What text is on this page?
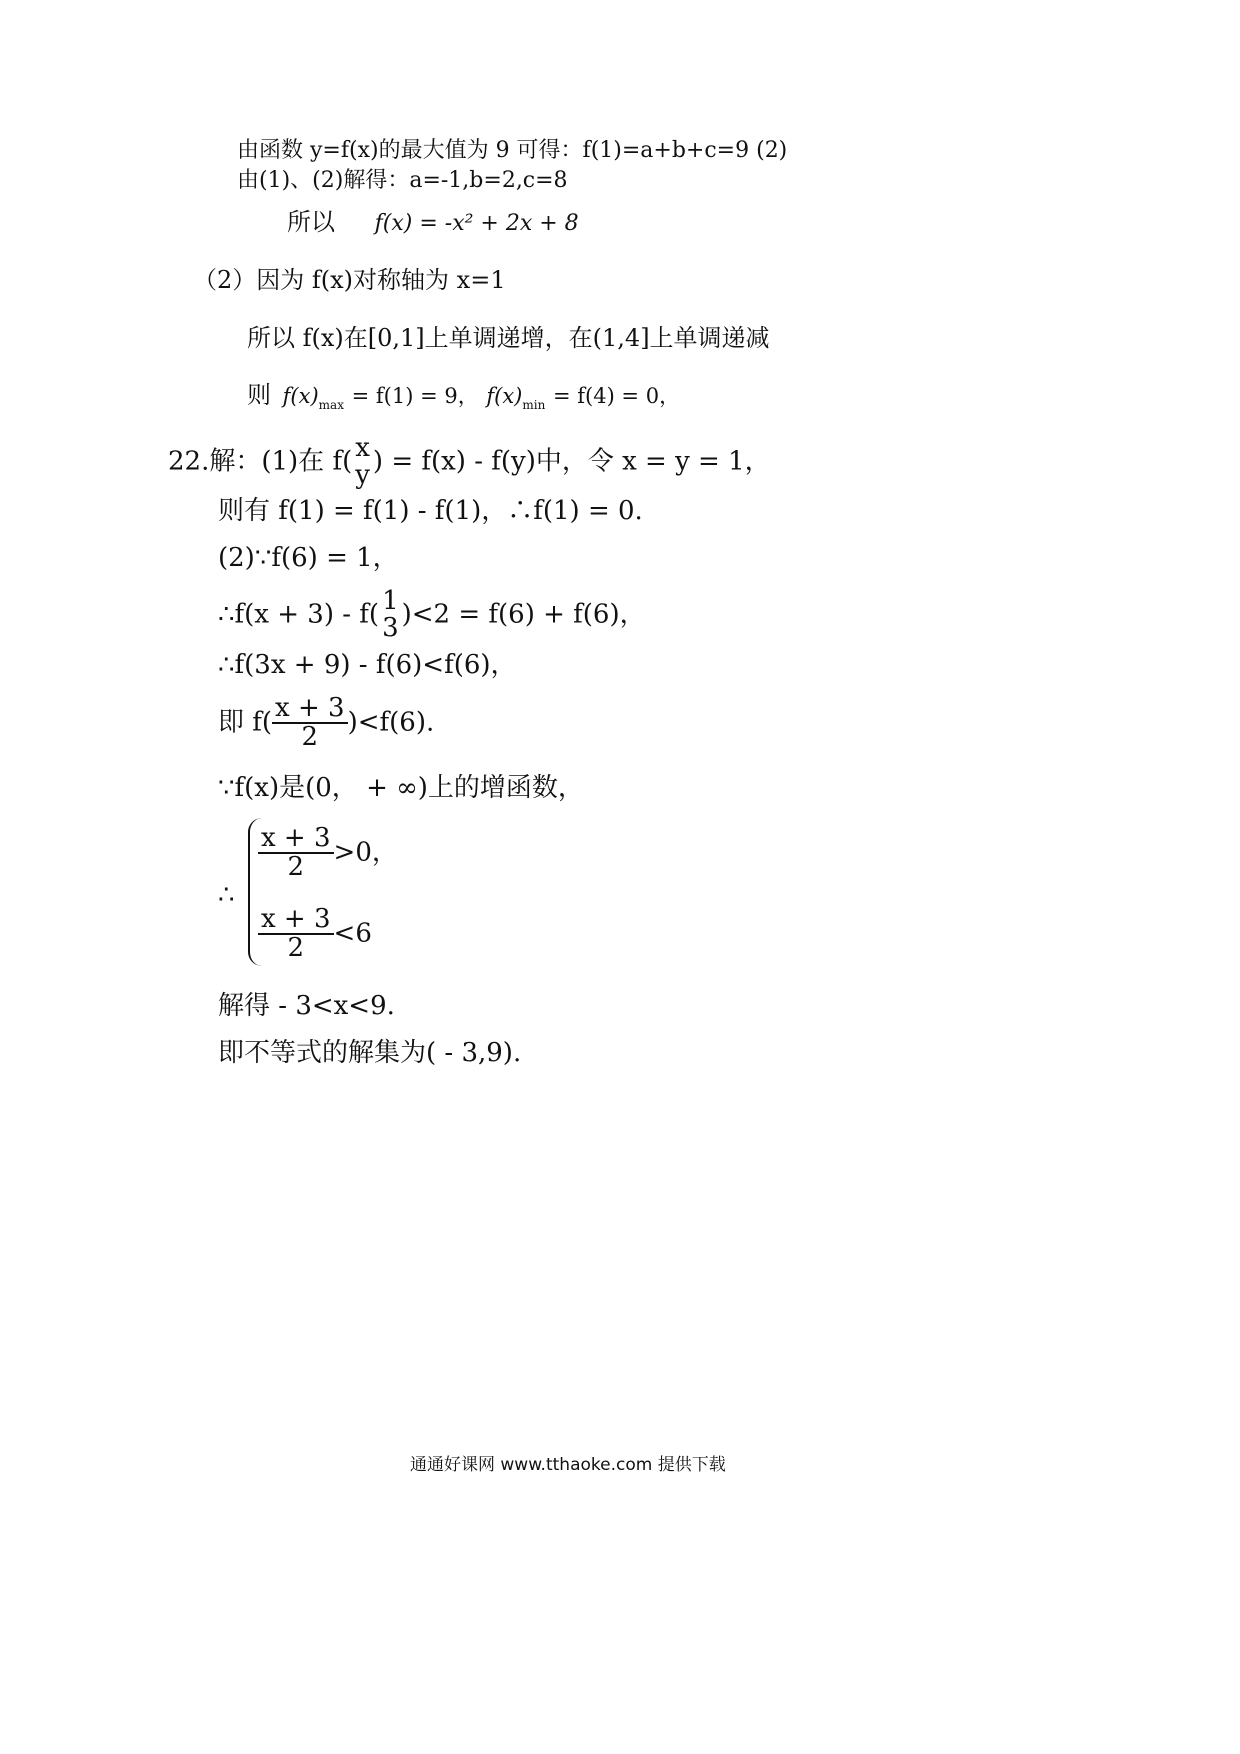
由函数 y=f(x)的最大值为 9 可得：f(1)=a+b+c=9 (2)
由(1)、(2)解得：a=-1,b=2,c=8
所以 f(x) = -x² + 2x + 8
（2）因为 f(x)对称轴为 x=1
所以 f(x)在[0,1]上单调递增，在(1,4]上单调递减
则 $f(x)_{max} = f(1) = 9$， $f(x)_{min} = f(4) = 0$，
22.解：(1)在 f( x
y ) = f(x) - f(y)中，令 x = y = 1，
则有 f(1) = f(1) - f(1)，∴f(1) = 0.
(2)∵f(6) = 1，
∴f(x + 3) - f( 1
3 )<2 = f(6) + f(6)，
∴f(3x + 9) - f(6)<f(6)，
即 $f( \frac{x + 3}{2} )<f(6)$.
∵f(x)是(0， + ∞)上的增函数，
∴
$\frac{x + 3}{2} >0$，
$\frac{x + 3}{2} <6$
解得 - 3<x<9.
即不等式的解集为( - 3,9).
通通好课网 www.tthaoke.com 提供下载
